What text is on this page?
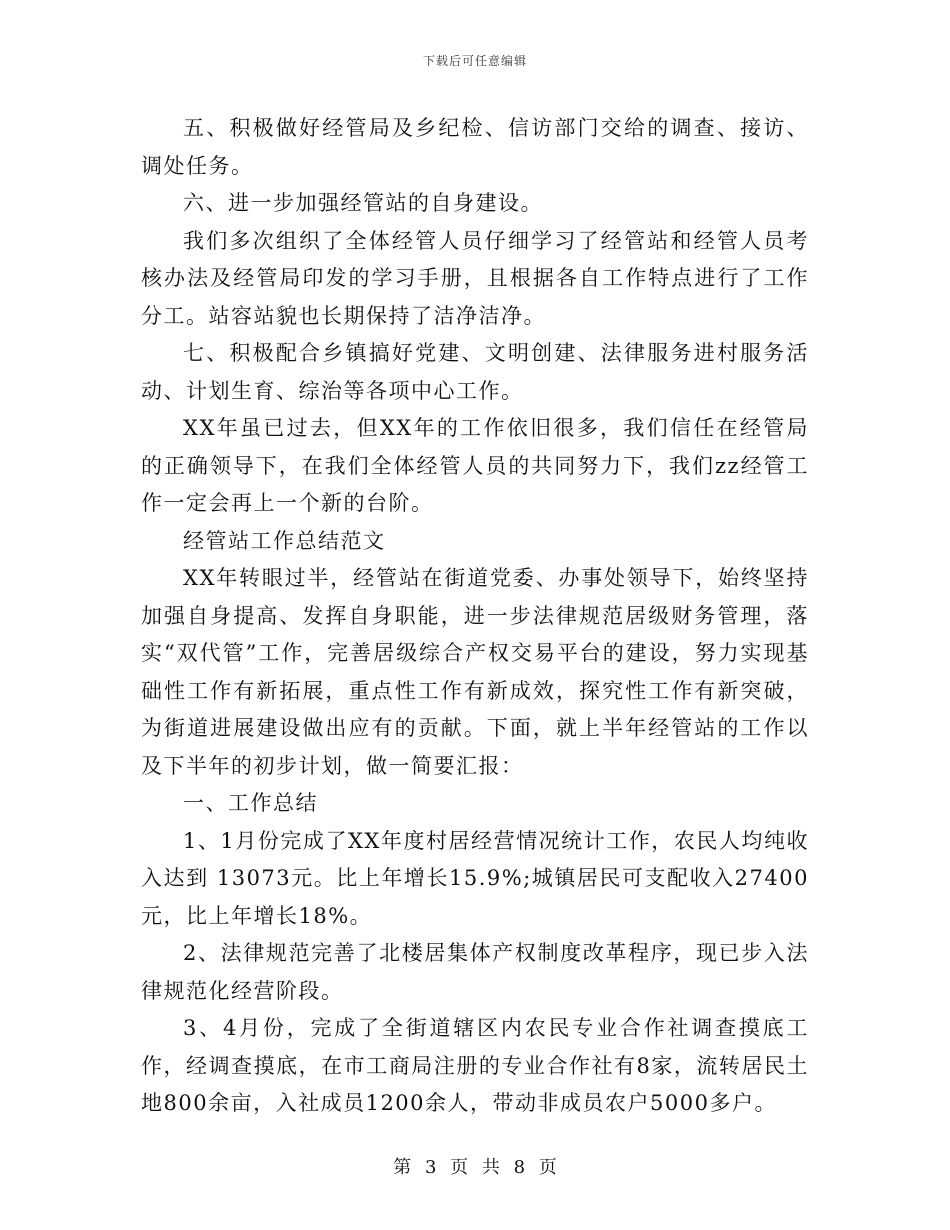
下载后可任意编辑

五、积极做好经管局及乡纪检、信访部门交给的调查、接访、调处任务。

六、进一步加强经管站的自身建设。

我们多次组织了全体经管人员仔细学习了经管站和经管人员考核办法及经管局印发的学习手册，且根据各自工作特点进行了工作分工。站容站貌也长期保持了洁净洁净。

七、积极配合乡镇搞好党建、文明创建、法律服务进村服务活动、计划生育、综治等各项中心工作。

XX年虽已过去，但XX年的工作依旧很多，我们信任在经管局的正确领导下，在我们全体经管人员的共同努力下，我们zz经管工作一定会再上一个新的台阶。

经管站工作总结范文

XX年转眼过半，经管站在街道党委、办事处领导下，始终坚持加强自身提高、发挥自身职能，进一步法律规范居级财务管理，落实“双代管”工作，完善居级综合产权交易平台的建设，努力实现基础性工作有新拓展，重点性工作有新成效，探究性工作有新突破，为街道进展建设做出应有的贡献。下面，就上半年经管站的工作以及下半年的初步计划，做一简要汇报：

一、工作总结

1、1月份完成了XX年度村居经营情况统计工作，农民人均纯收入达到 13073元。比上年增长15.9%;城镇居民可支配收入27400元，比上年增长18%。

2、法律规范完善了北楼居集体产权制度改革程序，现已步入法律规范化经营阶段。

3、4月份，完成了全街道辖区内农民专业合作社调查摸底工作，经调查摸底，在市工商局注册的专业合作社有8家，流转居民土地800余亩，入社成员1200余人，带动非成员农户5000多户。

第 3 页 共 8 页
